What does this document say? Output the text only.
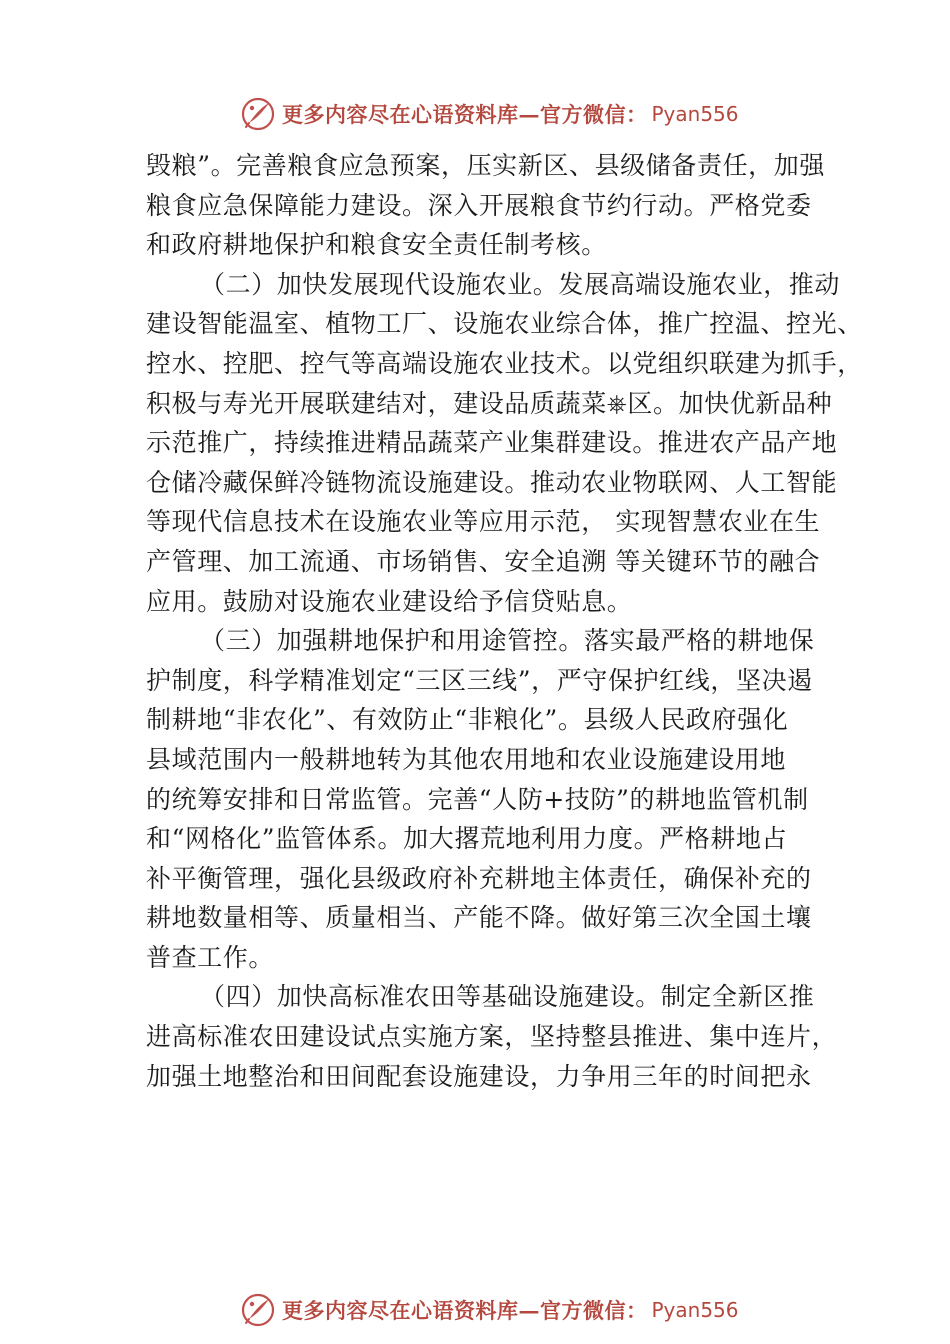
更多内容尽在心语资料库—官方微信： Pyan556
毁粮”。完善粮食应急预案，压实新区、县级储备责任，加强
粮食应急保障能力建设。深入开展粮食节约行动。严格党委
和政府耕地保护和粮食安全责任制考核。
（二）加快发展现代设施农业。发展高端设施农业，推动
建设智能温室、植物工厂、设施农业综合体，推广控温、控光、
控水、控肥、控气等高端设施农业技术。以党组织联建为抓手，
积极与寿光开展联建结对，建设品质蔬菜⎈区。加快优新品种
示范推广，持续推进精品蔬菜产业集群建设。推进农产品产地
仓储冷藏保鲜冷链物流设施建设。推动农业物联网、人工智能
等现代信息技术在设施农业等应用示范， 实现智慧农业在生
产管理、加工流通、市场销售、安全追溯 等关键环节的融合
应用。鼓励对设施农业建设给予信贷贴息。
（三）加强耕地保护和用途管控。落实最严格的耕地保
护制度，科学精准划定“三区三线”，严守保护红线，坚决遏
制耕地“非农化”、有效防止“非粮化”。县级人民政府强化
县域范围内一般耕地转为其他农用地和农业设施建设用地
的统筹安排和日常监管。完善“人防+技防”的耕地监管机制
和“网格化”监管体系。加大撂荒地利用力度。严格耕地占
补平衡管理，强化县级政府补充耕地主体责任，确保补充的
耕地数量相等、质量相当、产能不降。做好第三次全国土壤
普查工作。
（四）加快高标准农田等基础设施建设。制定全新区推
进高标准农田建设试点实施方案，坚持整县推进、集中连片，
加强土地整治和田间配套设施建设，力争用三年的时间把永
更多内容尽在心语资料库—官方微信： Pyan556
